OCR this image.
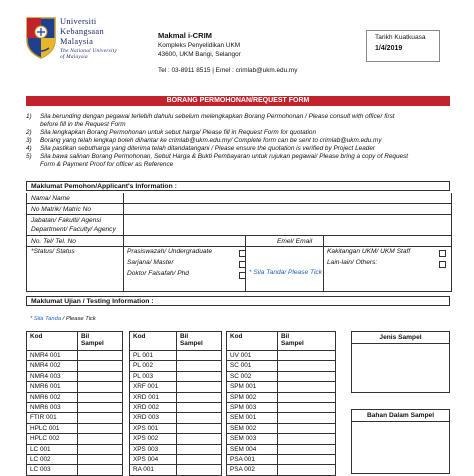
Universiti
Kebangsaan
Malaysia
The National University
of Malaysia
Makmal i-CRIM
Kompleks Penyelidikan UKM
43600, UKM Bangi, Selangor
Tel : 03-8911 8515 | Emel : crimlab@ukm.edu.my
Tarikh Kuatkuasa
1/4/2019
BORANG PERMOHONAN/REQUEST FORM
1)	Sila berunding dengan pegawai terlebih dahulu sebelum melengkapkan Borang Permohonan / Please consult with officer first
before fill in the Request Form
2)	Sila lengkapkan Borang Permohonan untuk sebut harga/ Please fill in Request Form for quotation
3)	Borang yang telah lengkap boleh dihantar ke crimlab@ukm.edu.my/ Complete form can be sent to crimlab@ukm.edu.my
4)	Sila pastikan sebutharga yang diterima telah ditandatangani / Please ensure the quotation is verified by Project Leader
5)	Sila bawa salinan Borang Permohonan, Sebut Harga & Bukti Pembayaran untuk rujukan pegawai/ Please bring a copy of Request
Form & Payment Proof for officer as Reference
Maklumat Pemohon/Applicant's Information :
Nama/ Name
No Matrik/ Matric No
Jabatan/ Fakulti/ Agensi
Department/ Faculty/ Agency
No. Tel/ Tel. No	Emel/ Email
*Status/ Status	Prasiswazah/ Undergraduate
Sarjana/ Master
Doktor Falsafah/ Phd	* Sila Tanda/ Please Tick
Kakitangan UKM/ UKM Staff
Lain-lain/ Others:
Maklumat Ujian / Testing Information :
* Sila Tanda / Please Tick
Kod	Bil
Sampel
NMR4 001
NMR4 002
NMR4 003
NMR6 001
NMR6 002
NMR6 003
FTIR 001
HPLC 001
HPLC 002
LC 001
LC 002
LC 003
Kod	Bil
Sampel
PL 001
PL 002
PL 003
XRF 001
XRD 001
XRD 002
XRD 003
XPS 001
XPS 002
XPS 003
XPS 004
RA 001
Kod	Bil
Sampel
UV 001
SC 001
SC 002
SPM 001
SPM 002
SPM 003
SEM 001
SEM 002
SEM 003
SEM 004
PSA 001
PSA 002
Jenis Sampel
Bahan Dalam Sampel
